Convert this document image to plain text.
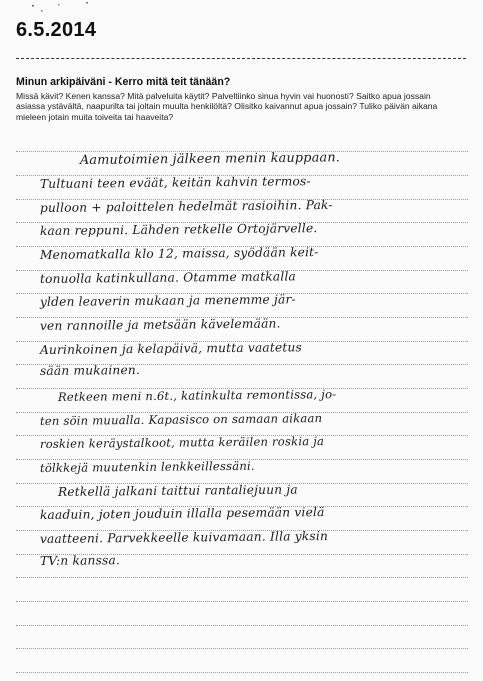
6.5.2014
Minun arkipäiväni - Kerro mitä teit tänään?
Missä kävit? Kenen kanssa? Mitä palveluita käytit? Palveltiinko sinua hyvin vai huonosti? Saitko apua jossain asiassa ystävältä, naapurilta tai joltain muulta henkilöltä? Olisitko kaivannut apua jossain? Tuliko päivän aikana mieleen jotain muita toiveita tai haaveita?
Aamutoimien jälkeen menin kauppaan.
Tultuani teen eväät, keitän kahvin termos-
pulloon + paloittelen hedelmät rasioihin. Pak-
kaan reppuni. Lähden retkelle Ortojärvelle.
Menomatkalla klo 12, maissa, syödään keit-
tonuolla katinkullana. Otamme matkalla
ylden leaverin mukaan ja menemme jär-
ven rannoille ja metsään kävelemään.
Aurinkoinen ja kelapäivä, mutta vaatetus
sään mukainen.
Retkeen meni n.6t., katinkulta remontissa, jo-
ten söin muualla. Kapasisco on samaan aikaan
roskien keräystalkoot, mutta keräilen roskia ja
tölkkejä muutenkin lenkkeillessäni.
Retkellä jalkani taittui rantaliejuun ja
kaaduin, joten jouduin illalla pesemään vielä
vaatteeni. Parvekkeelle kuivamaan. Illa yksin
TV:n kanssa.
